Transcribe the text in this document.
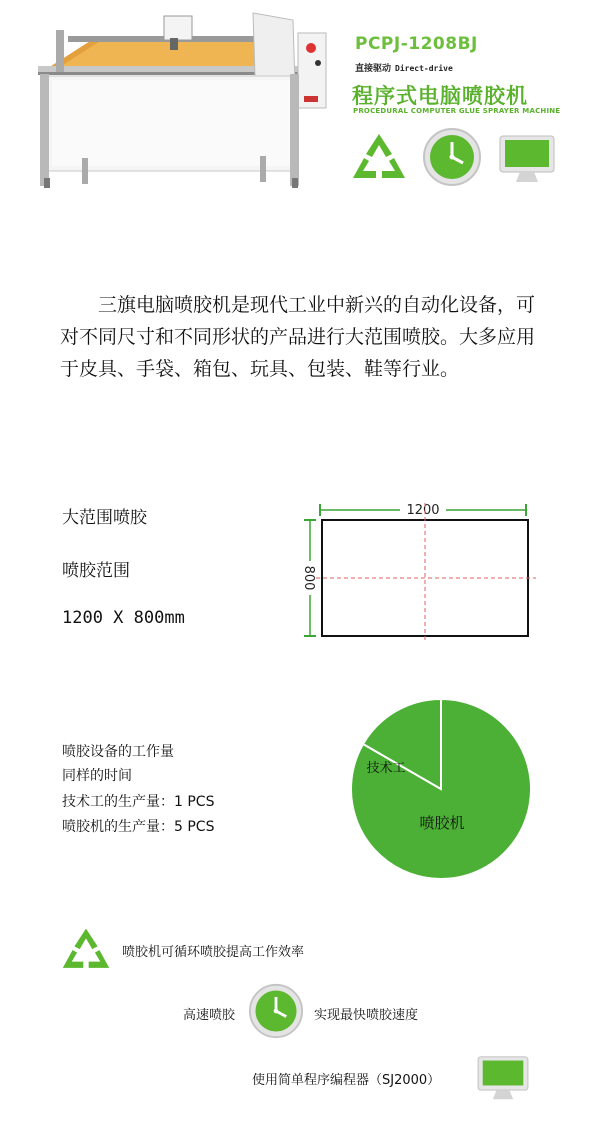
PCPJ-1208BJ
直接驱动 Direct-drive
程序式电脑喷胶机
PROCEDURAL COMPUTER GLUE SPRAYER MACHINE
三旗电脑喷胶机是现代工业中新兴的自动化设备，可对不同尺寸和不同形状的产品进行大范围喷胶。大多应用于皮具、手袋、箱包、玩具、包装、鞋等行业。
大范围喷胶
喷胶范围
1200 X 800mm
1200
800
喷胶设备的工作量
同样的时间
技术工的生产量：1 PCS
喷胶机的生产量：5 PCS
技术工
喷胶机
喷胶机可循环喷胶提高工作效率
高速喷胶	实现最快喷胶速度
使用简单程序编程器（SJ2000）
